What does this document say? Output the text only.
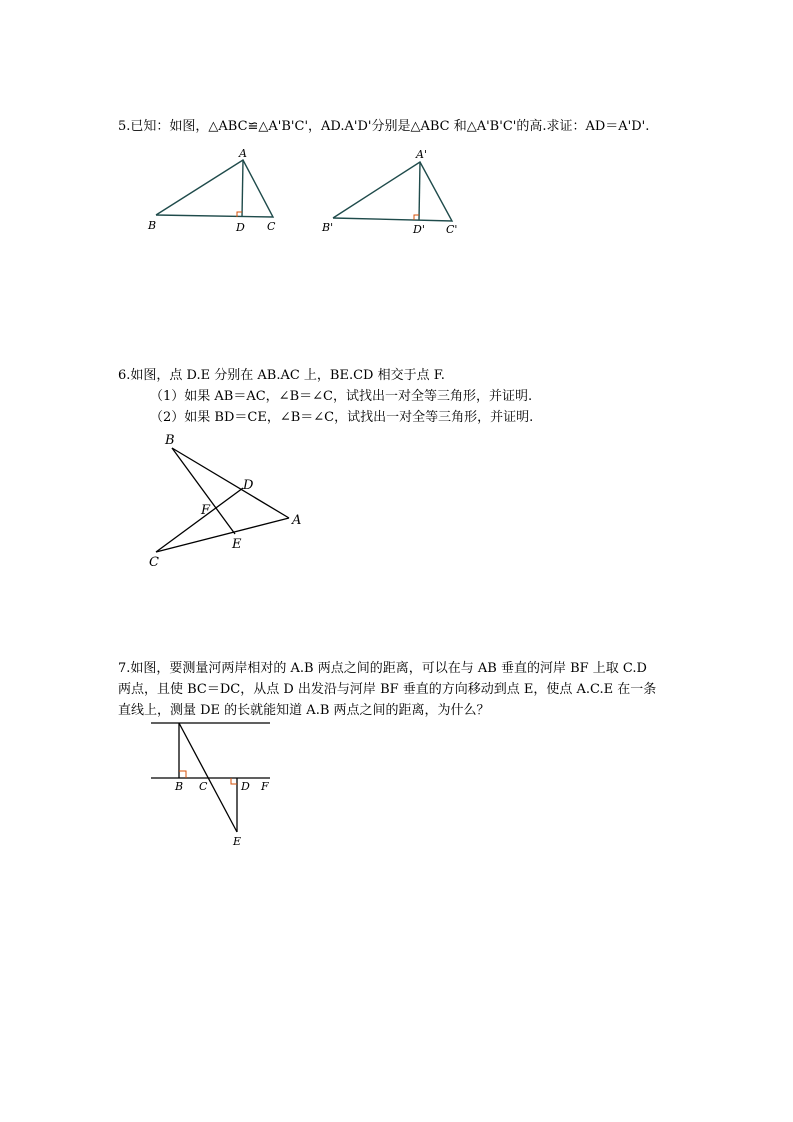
5.已知：如图，△ABC≌△A'B'C'，AD.A'D'分别是△ABC 和△A'B'C'的高.求证：AD＝A'D'.
A
B	D C
A'
B'	D' C'
6.如图，点 D.E 分别在 AB.AC 上，BE.CD 相交于点 F.
（1）如果 AB＝AC，∠B＝∠C，试找出一对全等三角形，并证明.
（2）如果 BD＝CE，∠B＝∠C，试找出一对全等三角形，并证明.
B
D
F
A
E
C
7.如图，要测量河两岸相对的 A.B 两点之间的距离，可以在与 AB 垂直的河岸 BF 上取 C.D
两点，且使 BC＝DC，从点 D 出发沿与河岸 BF 垂直的方向移动到点 E，使点 A.C.E 在一条
直线上，测量 DE 的长就能知道 A.B 两点之间的距离，为什么？
B C	D F
E
